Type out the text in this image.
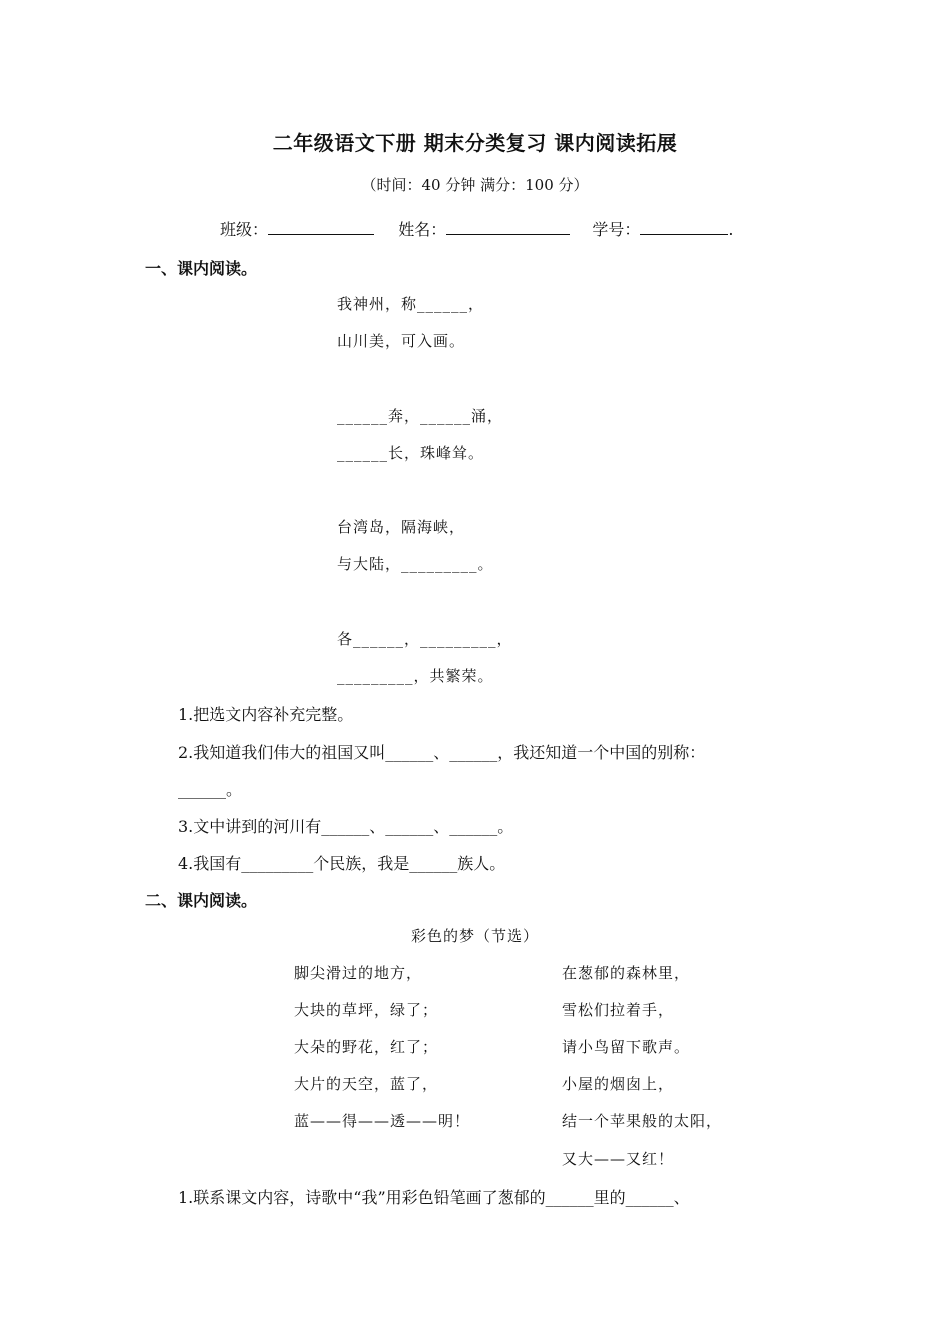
二年级语文下册 期末分类复习 课内阅读拓展
（时间：40 分钟 满分：100 分）
班级：	姓名：	学号：	.
一、课内阅读。
我神州，称______，
山川美，可入画。
______奔，______涌，
______长，珠峰耸。
台湾岛，隔海峡，
与大陆，_________。
各______，_________，
_________，共繁荣。
1.把选文内容补充完整。
2.我知道我们伟大的祖国又叫______、______，我还知道一个中国的别称：
______。
3.文中讲到的河川有______、______、______。
4.我国有_________个民族，我是______族人。
二、课内阅读。
彩色的梦（节选）
脚尖滑过的地方，
大块的草坪，绿了；
大朵的野花，红了；
大片的天空，蓝了，
蓝——得——透——明！
在葱郁的森林里，
雪松们拉着手，
请小鸟留下歌声。
小屋的烟囱上，
结一个苹果般的太阳，
又大——又红！
1.联系课文内容，诗歌中“我”用彩色铅笔画了葱郁的______里的______、
